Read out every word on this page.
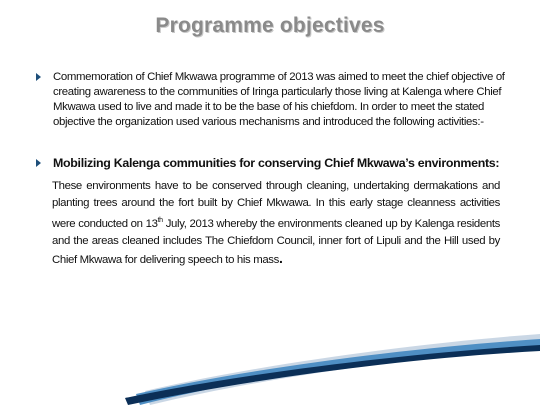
Programme objectives
Commemoration of Chief Mkwawa programme of 2013 was aimed to meet the chief objective of creating awareness to the communities of Iringa particularly those living at Kalenga where Chief Mkwawa used to live and made it to be the base of his chiefdom. In order to meet the stated objective the organization used various mechanisms and introduced the following activities:-
Mobilizing Kalenga communities for conserving Chief Mkwawa’s environments:

These environments have to be conserved through cleaning, undertaking dermakations and planting trees around the fort built by Chief Mkwawa. In this early stage cleanness activities were conducted on 13th July, 2013 whereby the environments cleaned up by Kalenga residents and the areas cleaned includes The Chiefdom Council, inner fort of Lipuli and the Hill used by Chief Mkwawa for delivering speech to his mass.
